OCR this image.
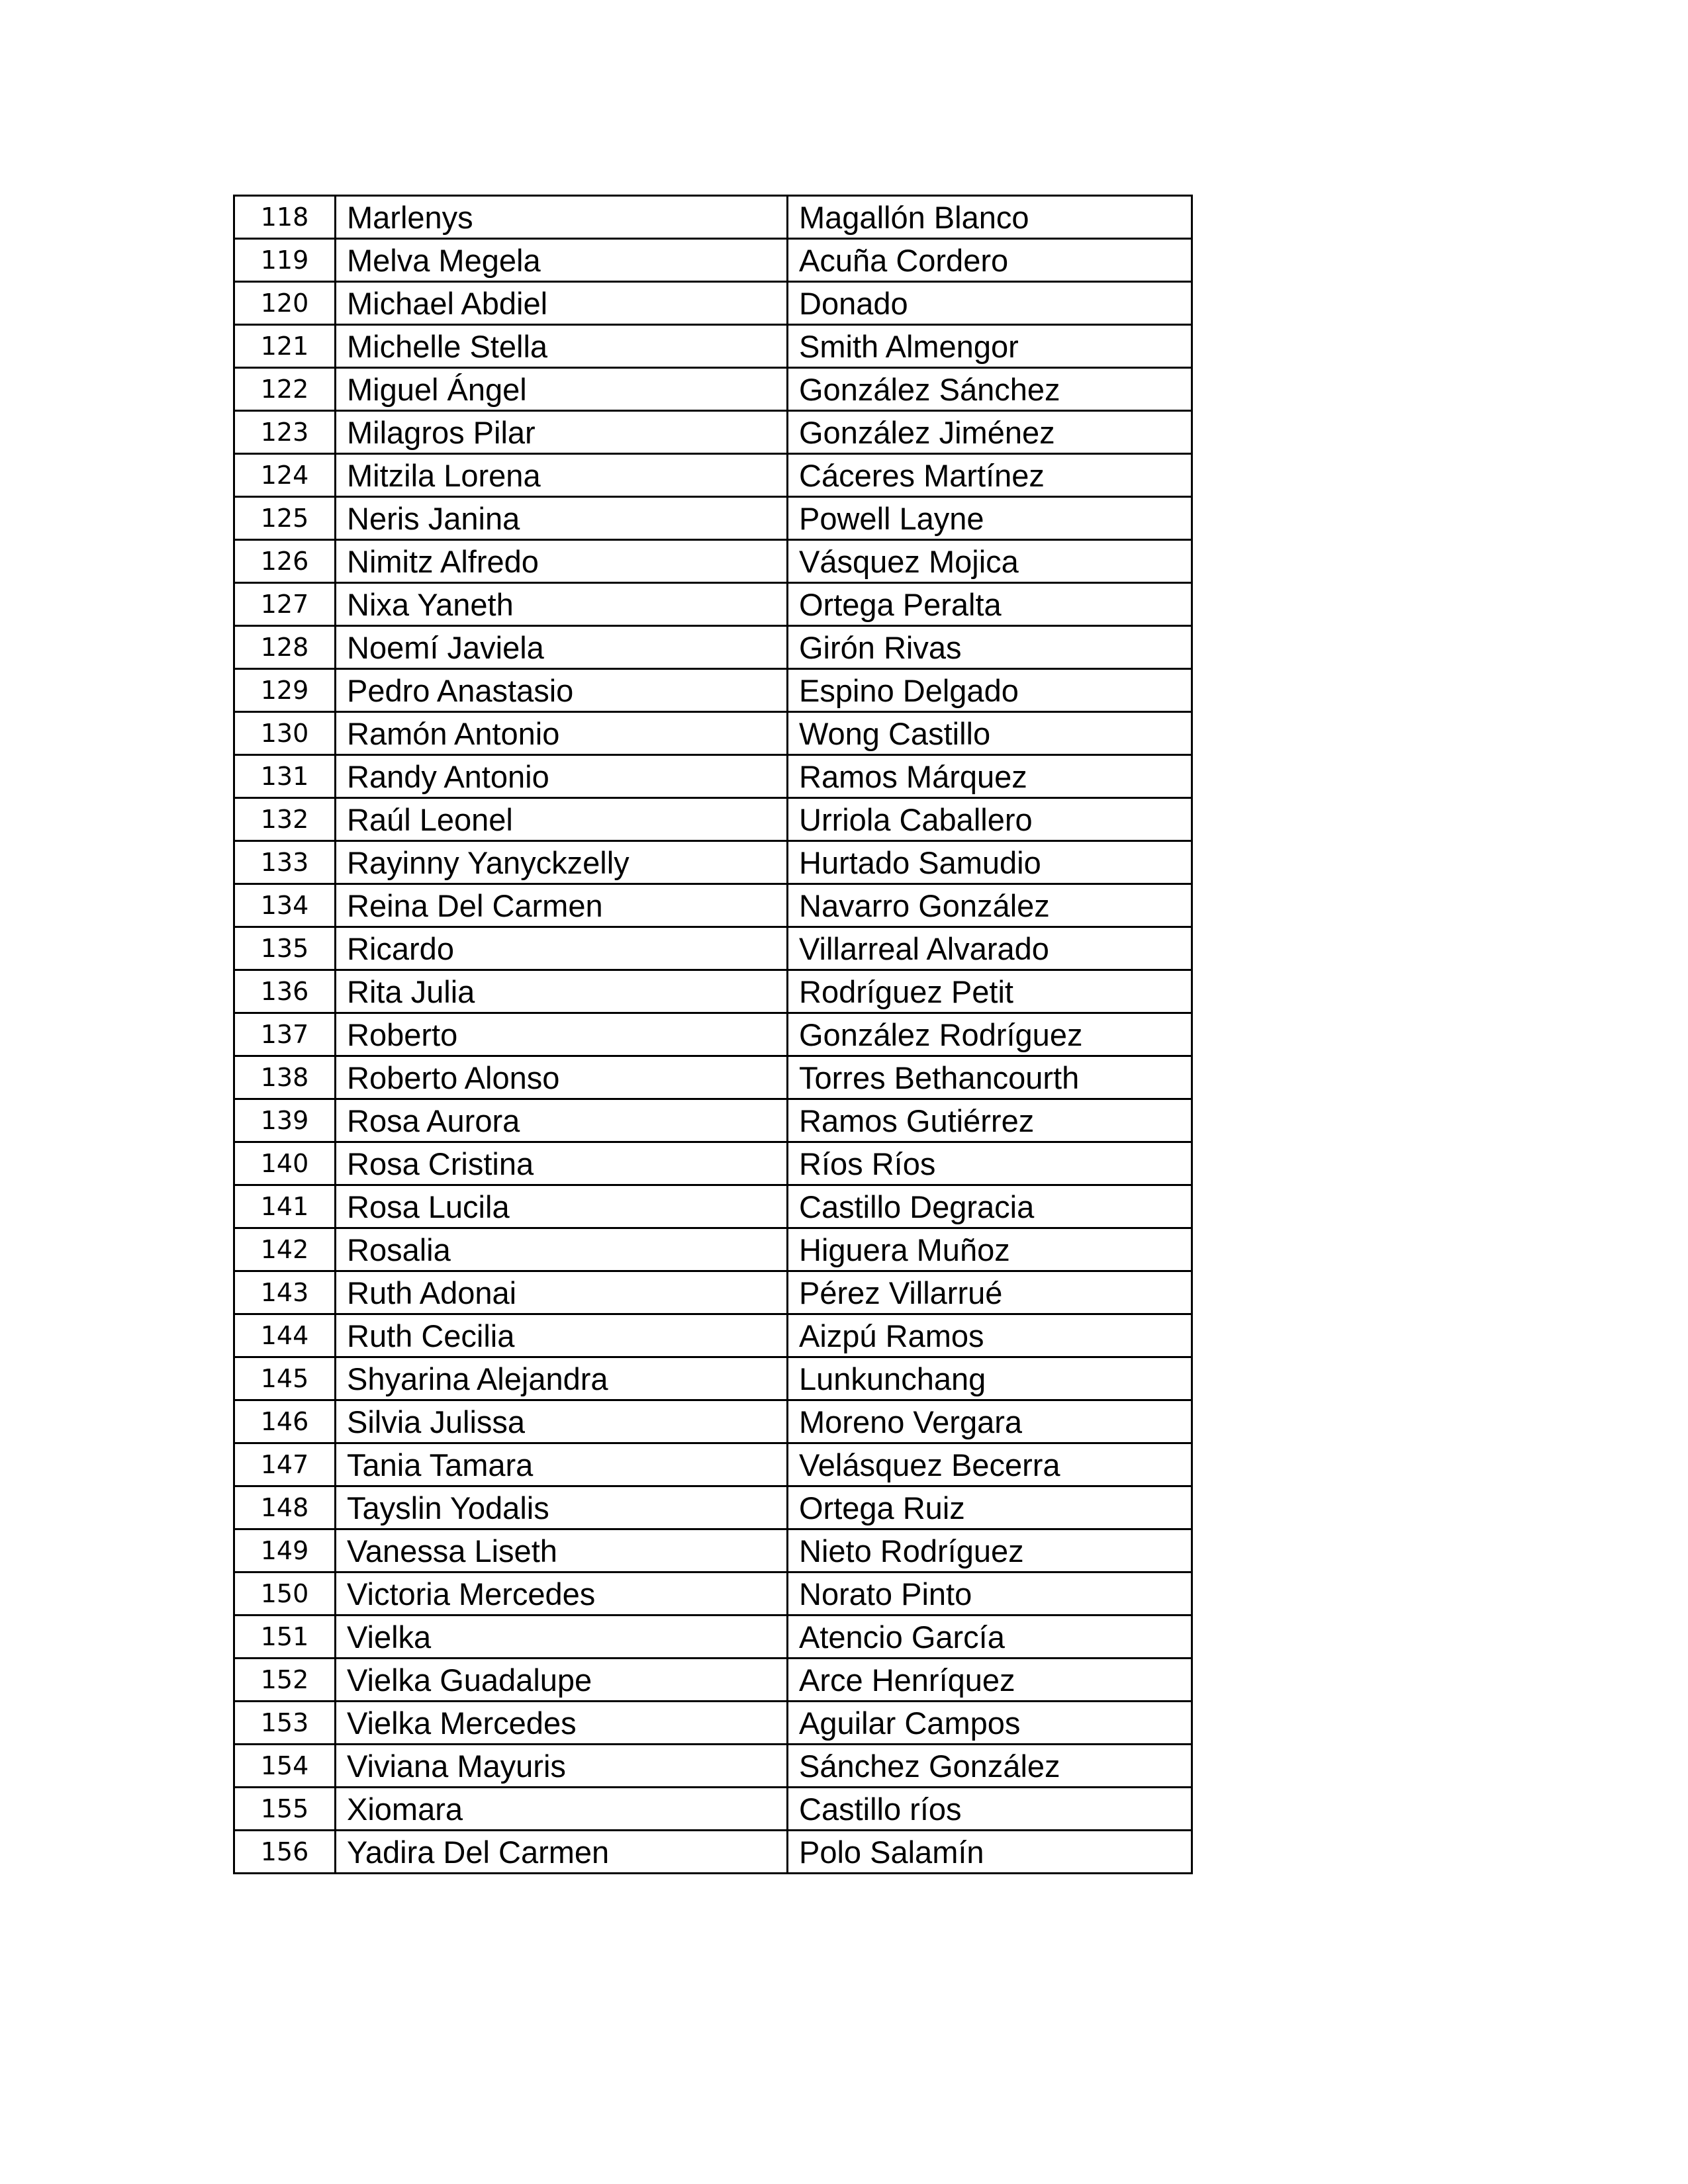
118	Marlenys	Magallón Blanco
119	Melva Megela	Acuña Cordero
120	Michael Abdiel	Donado
121	Michelle Stella	Smith Almengor
122	Miguel Ángel	González Sánchez
123	Milagros Pilar	González Jiménez
124	Mitzila Lorena	Cáceres Martínez
125	Neris Janina	Powell Layne
126	Nimitz Alfredo	Vásquez Mojica
127	Nixa Yaneth	Ortega Peralta
128	Noemí Javiela	Girón Rivas
129	Pedro Anastasio	Espino Delgado
130	Ramón Antonio	Wong Castillo
131	Randy Antonio	Ramos Márquez
132	Raúl Leonel	Urriola Caballero
133	Rayinny Yanyckzelly	Hurtado Samudio
134	Reina Del Carmen	Navarro González
135	Ricardo	Villarreal Alvarado
136	Rita Julia	Rodríguez Petit
137	Roberto	González Rodríguez
138	Roberto Alonso	Torres Bethancourth
139	Rosa Aurora	Ramos Gutiérrez
140	Rosa Cristina	Ríos Ríos
141	Rosa Lucila	Castillo Degracia
142	Rosalia	Higuera Muñoz
143	Ruth Adonai	Pérez Villarrué
144	Ruth Cecilia	Aizpú Ramos
145	Shyarina Alejandra	Lunkunchang
146	Silvia Julissa	Moreno Vergara
147	Tania Tamara	Velásquez Becerra
148	Tayslin Yodalis	Ortega Ruiz
149	Vanessa Liseth	Nieto Rodríguez
150	Victoria Mercedes	Norato Pinto
151	Vielka	Atencio García
152	Vielka Guadalupe	Arce Henríquez
153	Vielka Mercedes	Aguilar Campos
154	Viviana Mayuris	Sánchez González
155	Xiomara	Castillo ríos
156	Yadira Del Carmen	Polo Salamín
